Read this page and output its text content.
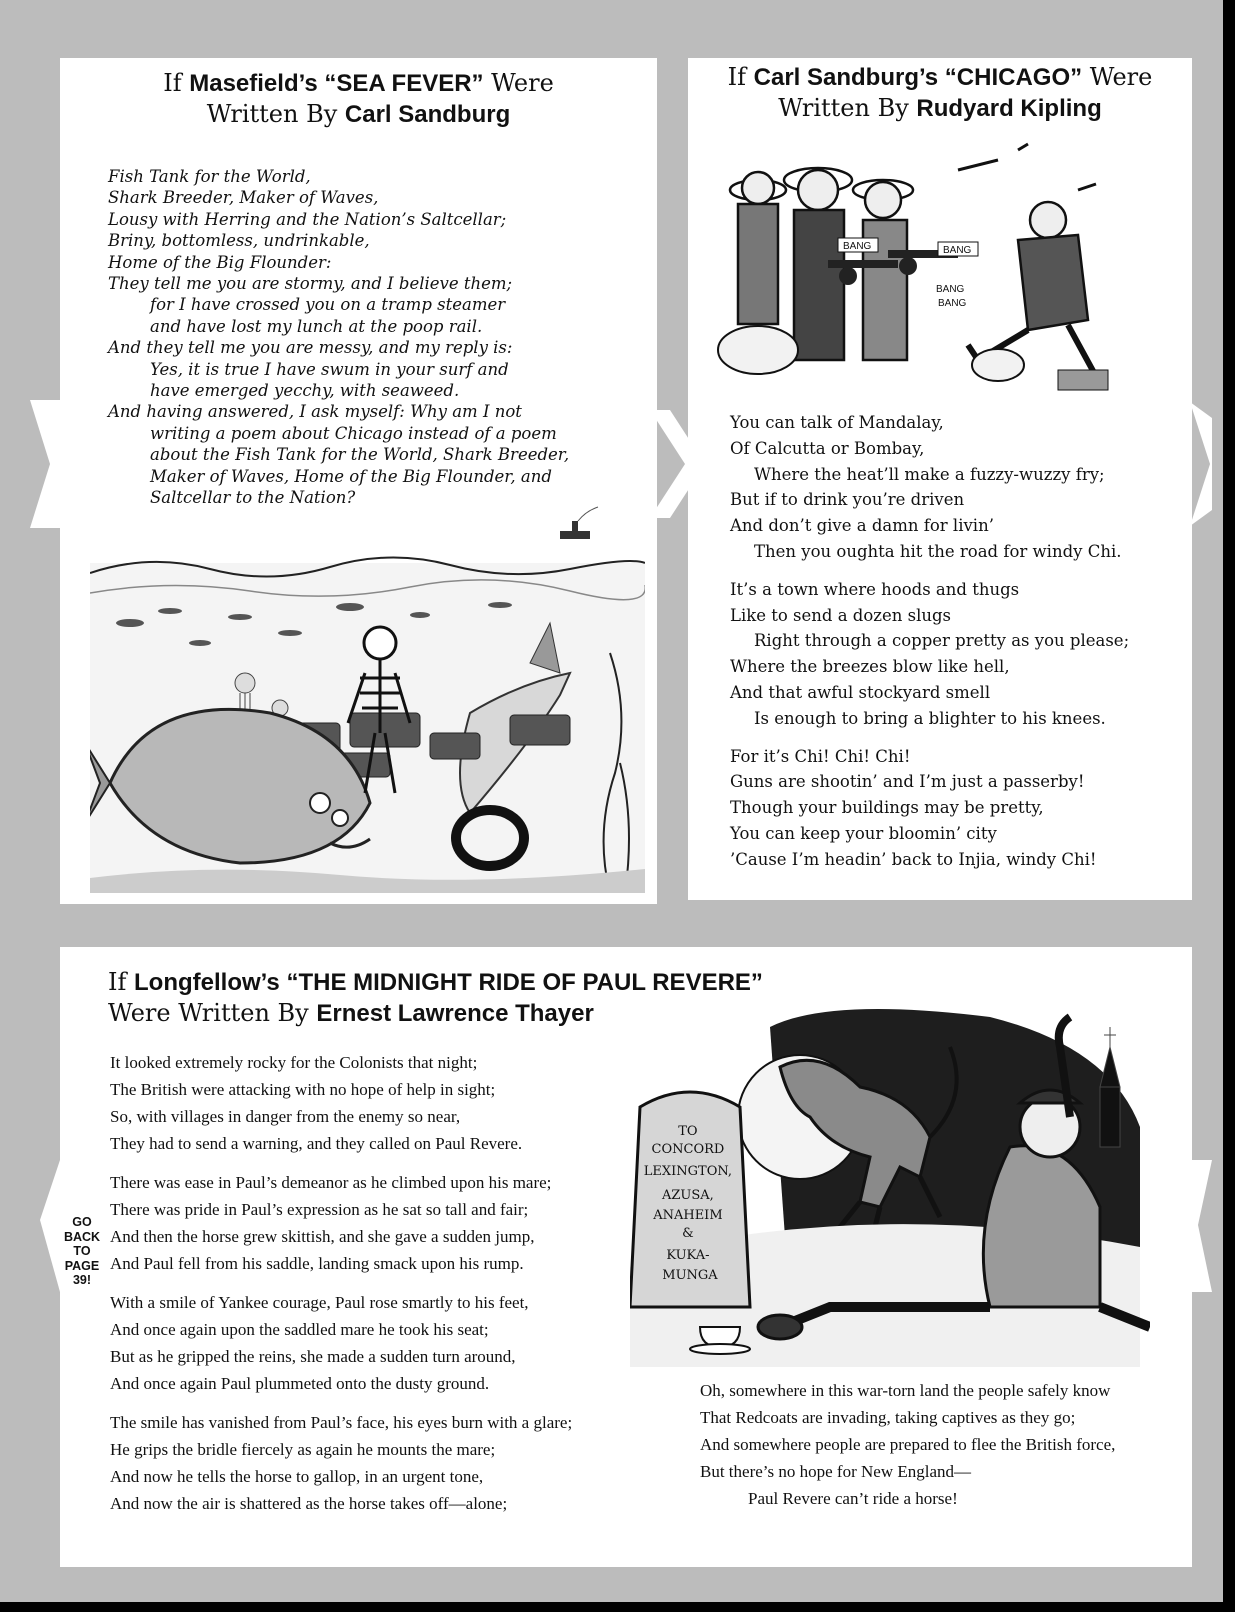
If Masefield’s “SEA FEVER” Were
Written By Carl Sandburg
Fish Tank for the World,
Shark Breeder, Maker of Waves,
Lousy with Herring and the Nation’s Saltcellar;
Briny, bottomless, undrinkable,
Home of the Big Flounder:
They tell me you are stormy, and I believe them;
for I have crossed you on a tramp steamer
and have lost my lunch at the poop rail.
And they tell me you are messy, and my reply is:
Yes, it is true I have swum in your surf and
have emerged yecchy, with seaweed.
And having answered, I ask myself: Why am I not
writing a poem about Chicago instead of a poem
about the Fish Tank for the World, Shark Breeder,
Maker of Waves, Home of the Big Flounder, and
Saltcellar to the Nation?
If Carl Sandburg’s “CHICAGO” Were
Written By Rudyard Kipling
BANG	BANG
BANG
BANG
You can talk of Mandalay,
Of Calcutta or Bombay,
Where the heat’ll make a fuzzy-wuzzy fry;
But if to drink you’re driven
And don’t give a damn for livin’
Then you oughta hit the road for windy Chi.
It’s a town where hoods and thugs
Like to send a dozen slugs
Right through a copper pretty as you please;
Where the breezes blow like hell,
And that awful stockyard smell
Is enough to bring a blighter to his knees.
For it’s Chi! Chi! Chi!
Guns are shootin’ and I’m just a passerby!
Though your buildings may be pretty,
You can keep your bloomin’ city
’Cause I’m headin’ back to Injia, windy Chi!
If Longfellow’s “THE MIDNIGHT RIDE OF PAUL REVERE”
Were Written By Ernest Lawrence Thayer
It looked extremely rocky for the Colonists that night;
The British were attacking with no hope of help in sight;
So, with villages in danger from the enemy so near,
They had to send a warning, and they called on Paul Revere.
There was ease in Paul’s demeanor as he climbed upon his mare;
There was pride in Paul’s expression as he sat so tall and fair;
And then the horse grew skittish, and she gave a sudden jump,
And Paul fell from his saddle, landing smack upon his rump.
With a smile of Yankee courage, Paul rose smartly to his feet,
And once again upon the saddled mare he took his seat;
But as he gripped the reins, she made a sudden turn around,
And once again Paul plummeted onto the dusty ground.
The smile has vanished from Paul’s face, his eyes burn with a glare;
He grips the bridle fiercely as again he mounts the mare;
And now he tells the horse to gallop, in an urgent tone,
And now the air is shattered as the horse takes off—alone;
Oh, somewhere in this war-torn land the people safely know
That Redcoats are invading, taking captives as they go;
And somewhere people are prepared to flee the British force,
But there’s no hope for New England—
Paul Revere can’t ride a horse!
TO CONCORD LEXINGTON, AZUSA, ANAHEIM & KUKA- MUNGA
GO
BACK
TO
PAGE
39!
